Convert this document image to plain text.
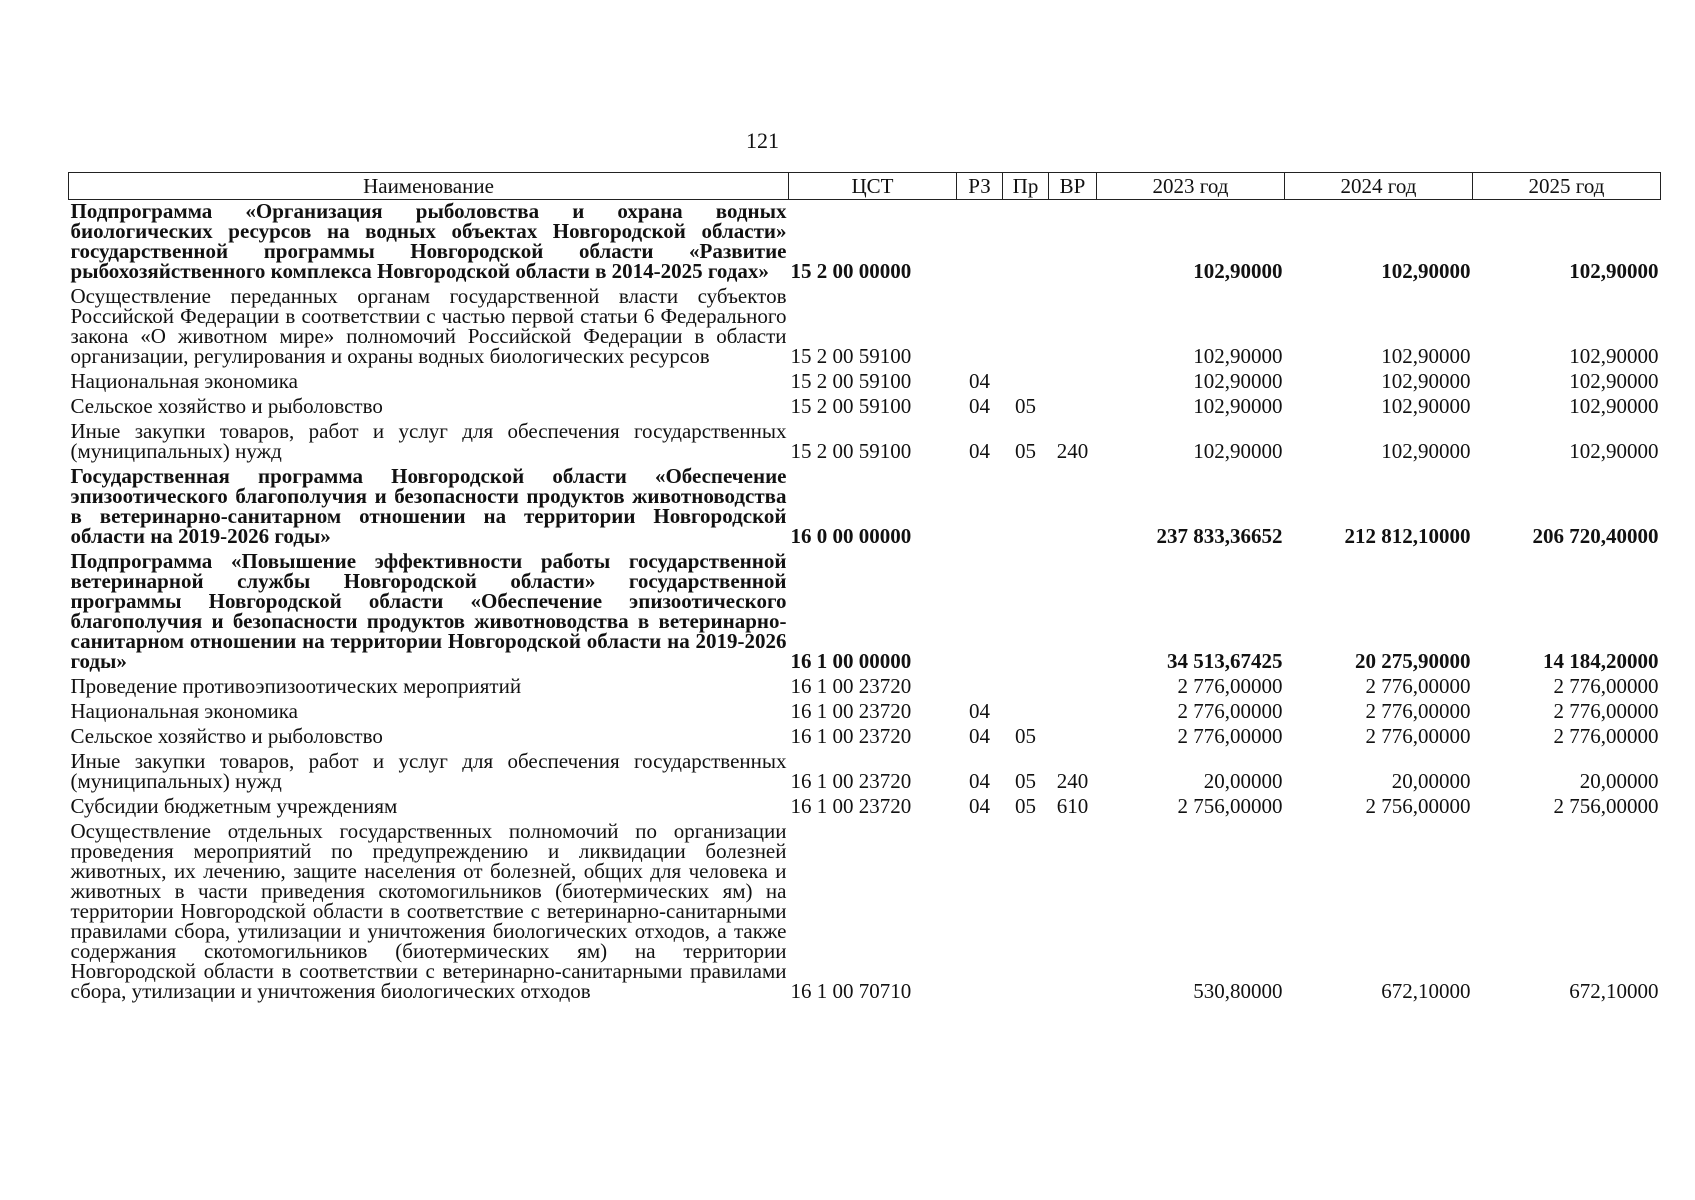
121
Наименование	ЦСТ	РЗ	Пр	ВР	2023 год	2024 год	2025 год
Подпрограмма «Организация рыболовства и охрана водных биологических ресурсов на водных объектах Новгородской области» государственной программы Новгородской области «Развитие рыбохозяйственного комплекса Новгородской области в 2014-2025 годах»	15 2 00 00000				102,90000	102,90000	102,90000
Осуществление переданных органам государственной власти субъектов Российской Федерации в соответствии с частью первой статьи 6 Федерального закона «О животном мире» полномочий Российской Федерации в области организации, регулирования и охраны водных биологических ресурсов	15 2 00 59100				102,90000	102,90000	102,90000
Национальная экономика	15 2 00 59100	04			102,90000	102,90000	102,90000
Сельское хозяйство и рыболовство	15 2 00 59100	04	05		102,90000	102,90000	102,90000
Иные закупки товаров, работ и услуг для обеспечения государственных (муниципальных) нужд	15 2 00 59100	04	05	240	102,90000	102,90000	102,90000
Государственная программа Новгородской области «Обеспечение эпизоотического благополучия и безопасности продуктов животноводства в ветеринарно-санитарном отношении на территории Новгородской области на 2019-2026 годы»	16 0 00 00000				237 833,36652	212 812,10000	206 720,40000
Подпрограмма «Повышение эффективности работы государственной ветеринарной службы Новгородской области» государственной программы Новгородской области «Обеспечение эпизоотического благополучия и безопасности продуктов животноводства в ветеринарно-санитарном отношении на территории Новгородской области на 2019-2026 годы»	16 1 00 00000				34 513,67425	20 275,90000	14 184,20000
Проведение противоэпизоотических мероприятий	16 1 00 23720				2 776,00000	2 776,00000	2 776,00000
Национальная экономика	16 1 00 23720	04			2 776,00000	2 776,00000	2 776,00000
Сельское хозяйство и рыболовство	16 1 00 23720	04	05		2 776,00000	2 776,00000	2 776,00000
Иные закупки товаров, работ и услуг для обеспечения государственных (муниципальных) нужд	16 1 00 23720	04	05	240	20,00000	20,00000	20,00000
Субсидии бюджетным учреждениям	16 1 00 23720	04	05	610	2 756,00000	2 756,00000	2 756,00000
Осуществление отдельных государственных полномочий по организации проведения мероприятий по предупреждению и ликвидации болезней животных, их лечению, защите населения от болезней, общих для человека и животных в части приведения скотомогильников (биотермических ям) на территории Новгородской области в соответствие с ветеринарно-санитарными правилами сбора, утилизации и уничтожения биологических отходов, а также содержания скотомогильников (биотермических ям) на территории Новгородской области в соответствии с ветеринарно-санитарными правилами сбора, утилизации и уничтожения биологических отходов	16 1 00 70710				530,80000	672,10000	672,10000
